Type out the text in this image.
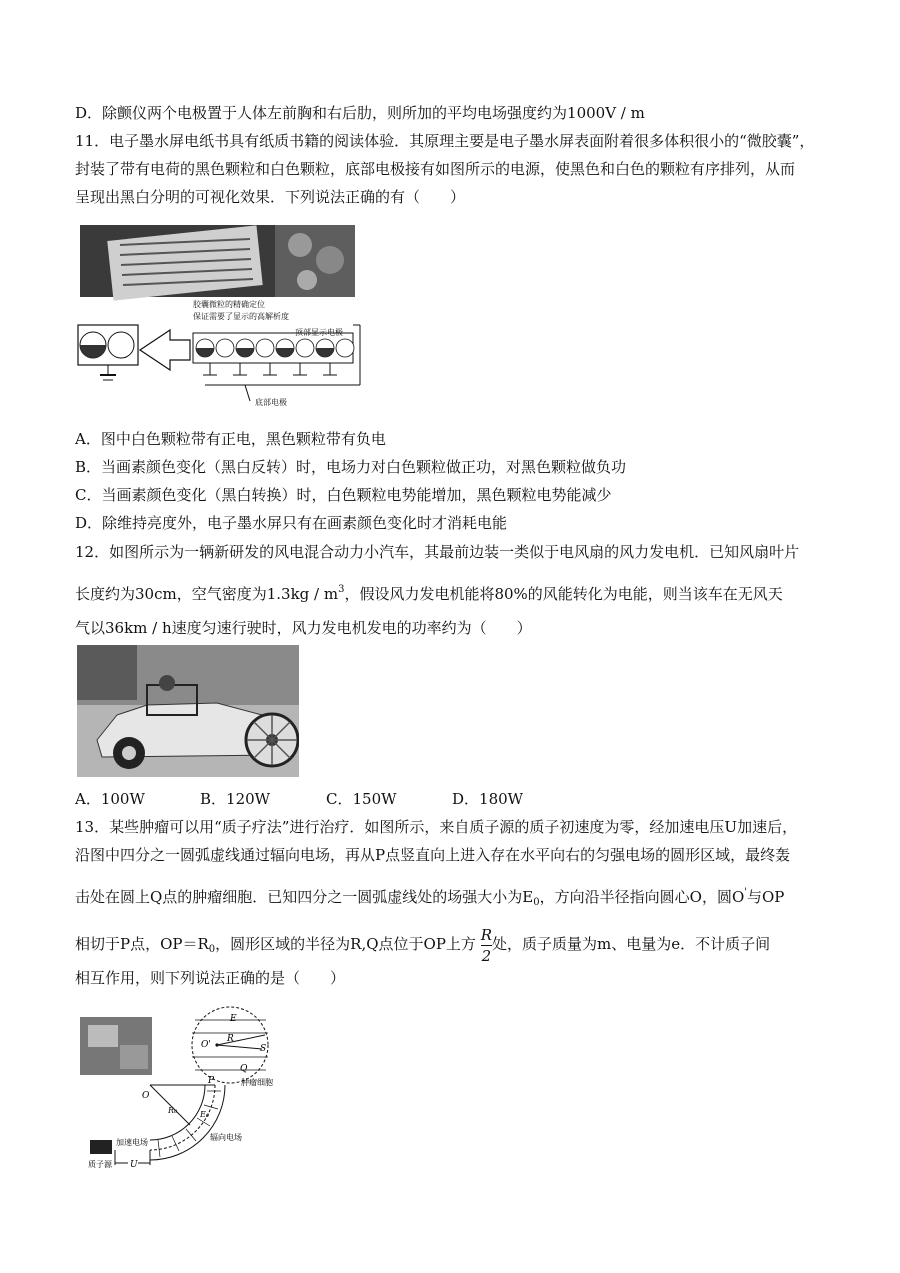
D．除颤仪两个电极置于人体左前胸和右后肋，则所加的平均电场强度约为1000V / m
11．电子墨水屏电纸书具有纸质书籍的阅读体验．其原理主要是电子墨水屏表面附着很多体积很小的“微胶囊”，
封装了带有电荷的黑色颗粒和白色颗粒，底部电极接有如图所示的电源，使黑色和白色的颗粒有序排列，从而
呈现出黑白分明的可视化效果．下列说法正确的有（　　）
胶囊微粒的精确定位
保证需要了显示的高解析度
顶部显示电极
底部电极
A．图中白色颗粒带有正电，黑色颗粒带有负电
B．当画素颜色变化（黑白反转）时，电场力对白色颗粒做正功，对黑色颗粒做负功
C．当画素颜色变化（黑白转换）时，白色颗粒电势能增加，黑色颗粒电势能减少
D．除维持亮度外，电子墨水屏只有在画素颜色变化时才消耗电能
12．如图所示为一辆新研发的风电混合动力小汽车，其最前边装一类似于电风扇的风力发电机．已知风扇叶片
长度约为30cm，空气密度为$1.3kg / m^3$，假设风力发电机能将80%的风能转化为电能，则当该车在无风天
气以36km / h速度匀速行驶时，风力发电机发电的功率约为（　　）
A．100W	B．120W	C．150W	D．180W
13．某些肿瘤可以用“质子疗法”进行治疗．如图所示，来自质子源的质子初速度为零，经加速电压U加速后，
沿图中四分之一圆弧虚线通过辐向电场，再从P点竖直向上进入存在水平向右的匀强电场的圆形区域，最终轰
击处在圆上Q点的肿瘤细胞．已知四分之一圆弧虚线处的场强大小为$E_0$，方向沿半径指向圆心O，圆O'与OP
相切于P点，$OP=R_0$，圆形区域的半径为R,Q点位于OP上方 $\frac{R}{2}$ 处，质子质量为m、电量为e．不计质子间
相互作用，则下列说法正确的是（　　）
E
O'
R
S
Q
肿瘤细胞
O
P
R₀	E₀
辐向电场
加速电场
质子源 U
